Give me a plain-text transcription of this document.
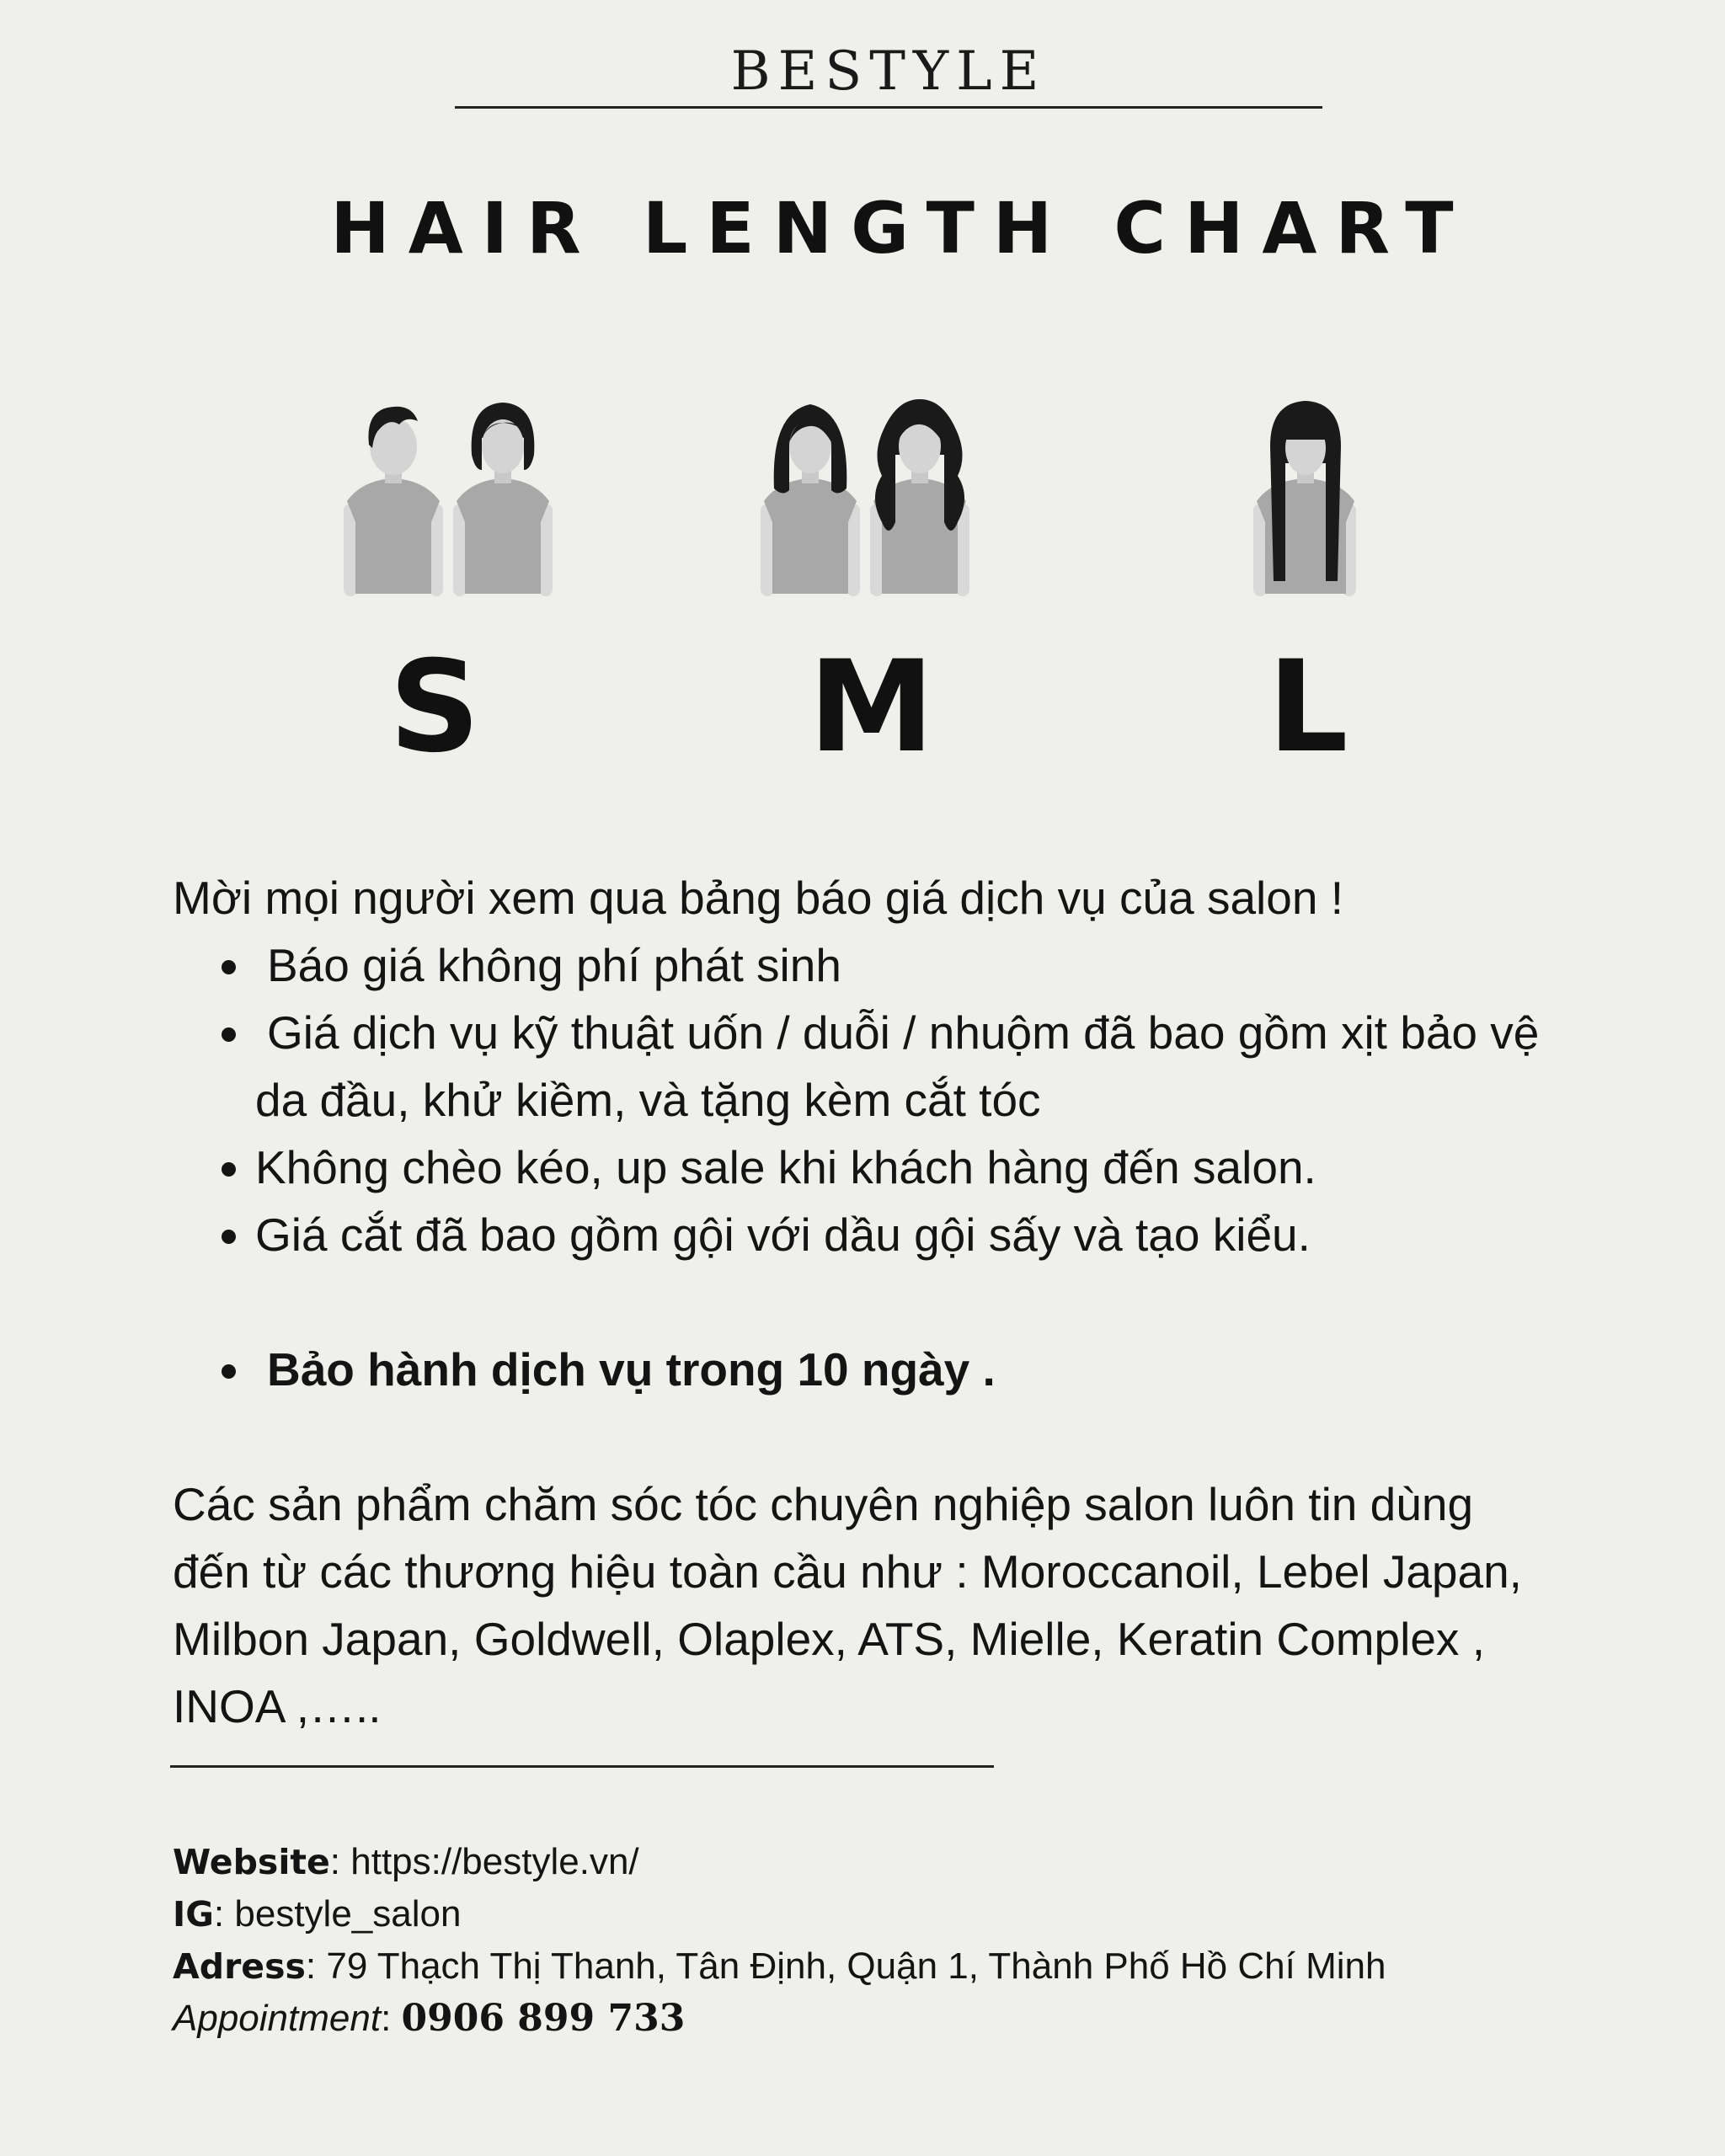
BESTYLE
HAIR LENGTH CHART
S	M	L

Mời mọi người xem qua bảng báo giá dịch vụ của salon !

• Báo giá không phí phát sinh
• Giá dịch vụ kỹ thuật uốn / duỗi / nhuộm đã bao gồm xịt bảo vệ da đầu, khử kiềm, và tặng kèm cắt tóc
• Không chèo kéo, up sale khi khách hàng đến salon.
• Giá cắt đã bao gồm gội với dầu gội sấy và tạo kiểu.
• Bảo hành dịch vụ trong 10 ngày .

Các sản phẩm chăm sóc tóc chuyên nghiệp salon luôn tin dùng đến từ các thương hiệu toàn cầu như : Moroccanoil, Lebel Japan, Milbon Japan, Goldwell, Olaplex, ATS, Mielle, Keratin Complex , INOA ,…..

Website: https://bestyle.vn/
IG: bestyle_salon
Adress: 79 Thạch Thị Thanh, Tân Định, Quận 1, Thành Phố Hồ Chí Minh
Appointment: 0906 899 733
